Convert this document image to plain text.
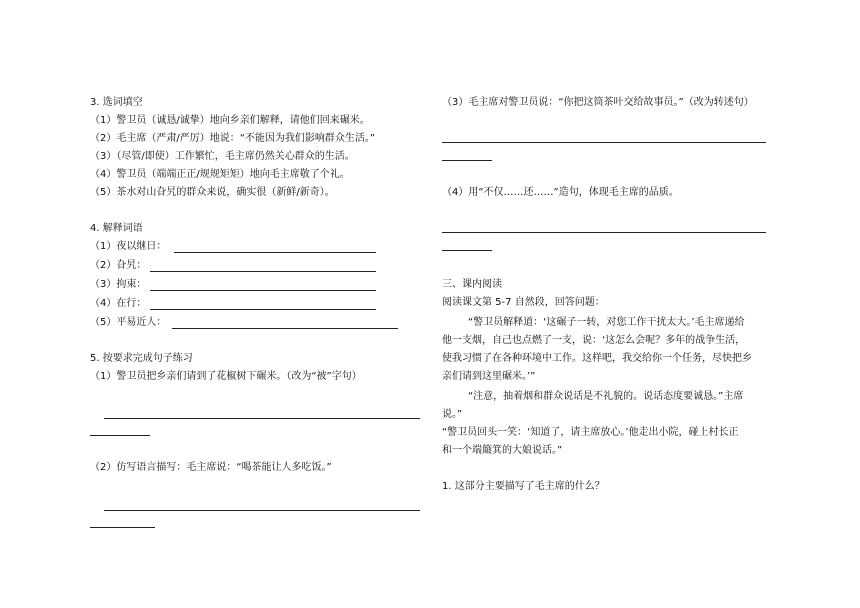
3. 选词填空
（1）警卫员（诚恳/诚挚）地向乡亲们解释，请他们回来碾米。
（2）毛主席（严肃/严厉）地说：“不能因为我们影响群众生活。”
（3）（尽管/即使）工作繁忙，毛主席仍然关心群众的生活。
（4）警卫员（端端正正/规规矩矩）地向毛主席敬了个礼。
（5）茶水对山旮旯的群众来说，确实很（新鲜/新奇）。
4. 解释词语
（1）夜以继日：
（2）旮旯：
（3）拘束：
（4）在行：
（5）平易近人：
5. 按要求完成句子练习
（1）警卫员把乡亲们请到了花椒树下碾米。（改为“被”字句）
（2）仿写语言描写：毛主席说：“喝茶能让人多吃饭。”
（3）毛主席对警卫员说：“你把这筒茶叶交给故事员。”（改为转述句）
（4）用“不仅……还……”造句，体现毛主席的品质。
三、课内阅读
阅读课文第 5-7 自然段，回答问题：
“警卫员解释道：‘这碾子一转，对您工作干扰太大。’毛主席递给
他一支烟，自己也点燃了一支，说：‘这怎么会呢？多年的战争生活，
使我习惯了在各种环境中工作。这样吧，我交给你一个任务，尽快把乡
亲们请到这里碾米。’”
“注意，抽着烟和群众说话是不礼貌的。说话态度要诚恳。”主席
说。”
“警卫员回头一笑：‘知道了，请主席放心。’他走出小院，碰上村长正
和一个端簸箕的大娘说话。”
1. 这部分主要描写了毛主席的什么？
